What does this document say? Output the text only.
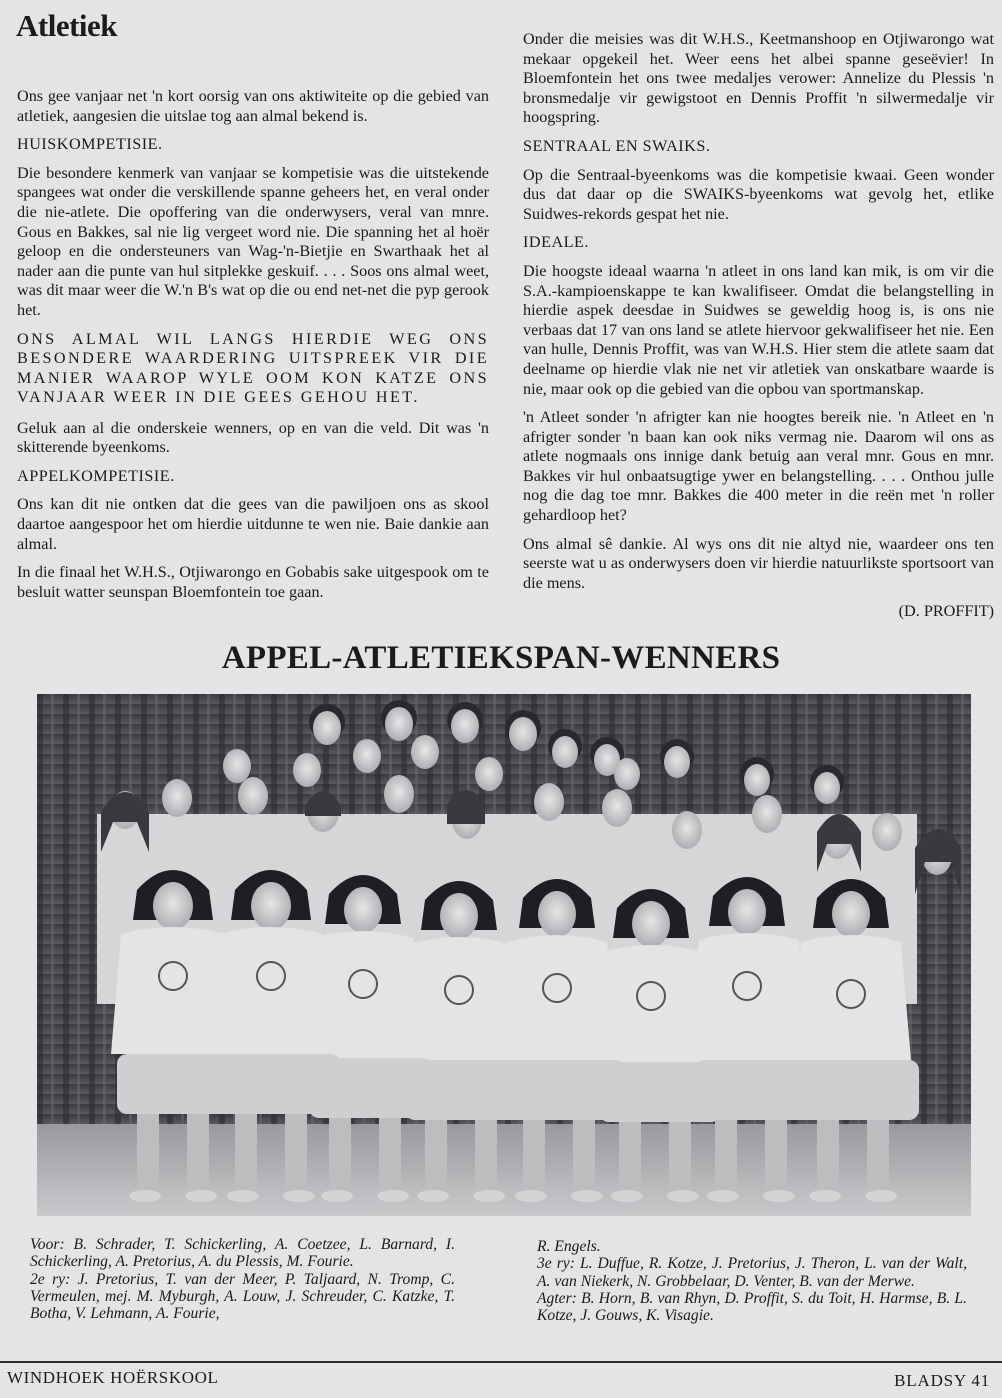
Atletiek

Ons gee vanjaar net 'n kort oorsig van ons aktiwiteite op die gebied van atletiek, aangesien die uitslae tog aan almal bekend is.

HUISKOMPETISIE.

Die besondere kenmerk van vanjaar se kompetisie was die uitstekende spangees wat onder die verskillende spanne geheers het, en veral onder die nie-atlete. Die opoffering van die onderwysers, veral van mnre. Gous en Bakkes, sal nie lig vergeet word nie. Die spanning het al hoër geloop en die ondersteuners van Wag-'n-Bietjie en Swarthaak het al nader aan die punte van hul sitplekke geskuif. . . . Soos ons almal weet, was dit maar weer die W.'n B's wat op die ou end net-net die pyp gerook het.

ONS ALMAL WIL LANGS HIERDIE WEG ONS BESONDERE WAARDERING UITSPREEK VIR DIE MANIER WAAROP WYLE OOM KON KATZE ONS VANJAAR WEER IN DIE GEES GEHOU HET.

Geluk aan al die onderskeie wenners, op en van die veld. Dit was 'n skitterende byeenkoms.

APPELKOMPETISIE.

Ons kan dit nie ontken dat die gees van die pawiljoen ons as skool daartoe aangespoor het om hierdie uitdunne te wen nie. Baie dankie aan almal.

In die finaal het W.H.S., Otjiwarongo en Gobabis sake uitgespook om te besluit watter seunspan Bloemfontein toe gaan.

Onder die meisies was dit W.H.S., Keetmanshoop en Otjiwarongo wat mekaar opgekeil het. Weer eens het albei spanne geseëvier! In Bloemfontein het ons twee medaljes verower: Annelize du Plessis 'n bronsmedalje vir gewigstoot en Dennis Proffit 'n silwermedalje vir hoogspring.

SENTRAAL EN SWAIKS.

Op die Sentraal-byeenkoms was die kompetisie kwaai. Geen wonder dus dat daar op die SWAIKS-byeenkoms wat gevolg het, etlike Suidwes-rekords gespat het nie.

IDEALE.

Die hoogste ideaal waarna 'n atleet in ons land kan mik, is om vir die S.A.-kampioenskappe te kan kwalifiseer. Omdat die belangstelling in hierdie aspek deesdae in Suidwes se geweldig hoog is, is ons nie verbaas dat 17 van ons land se atlete hiervoor gekwalifiseer het nie. Een van hulle, Dennis Proffit, was van W.H.S. Hier stem die atlete saam dat deelname op hierdie vlak nie net vir atletiek van onskatbare waarde is nie, maar ook op die gebied van die opbou van sportmanskap.

'n Atleet sonder 'n afrigter kan nie hoogtes bereik nie. 'n Atleet en 'n afrigter sonder 'n baan kan ook niks vermag nie. Daarom wil ons as atlete nogmaals ons innige dank betuig aan veral mnr. Gous en mnr. Bakkes vir hul onbaatsugtige ywer en belangstelling. . . . Onthou julle nog die dag toe mnr. Bakkes die 400 meter in die reën met 'n roller gehardloop het?

Ons almal sê dankie. Al wys ons dit nie altyd nie, waardeer ons ten seerste wat u as onderwysers doen vir hierdie natuurlikste sportsoort van die mens.

(D. PROFFIT)
APPEL-ATLETIEKSPAN-WENNERS

Voor: B. Schrader, T. Schickerling, A. Coetzee, L. Barnard, I. Schickerling, A. Pretorius, A. du Plessis, M. Fourie.

2e ry: J. Pretorius, T. van der Meer, P. Taljaard, N. Tromp, C. Vermeulen, mej. M. Myburgh, A. Louw, J. Schreuder, C. Katzke, T. Botha, V. Lehmann, A. Fourie,

R. Engels.

3e ry: L. Duffue, R. Kotze, J. Pretorius, J. Theron, L. van der Walt, A. van Niekerk, N. Grobbelaar, D. Venter, B. van der Merwe.

Agter: B. Horn, B. van Rhyn, D. Proffit, S. du Toit, H. Harmse, B. L. Kotze, J. Gouws, K. Visagie.

WINDHOEK HOËRSKOOL	BLADSY 41
